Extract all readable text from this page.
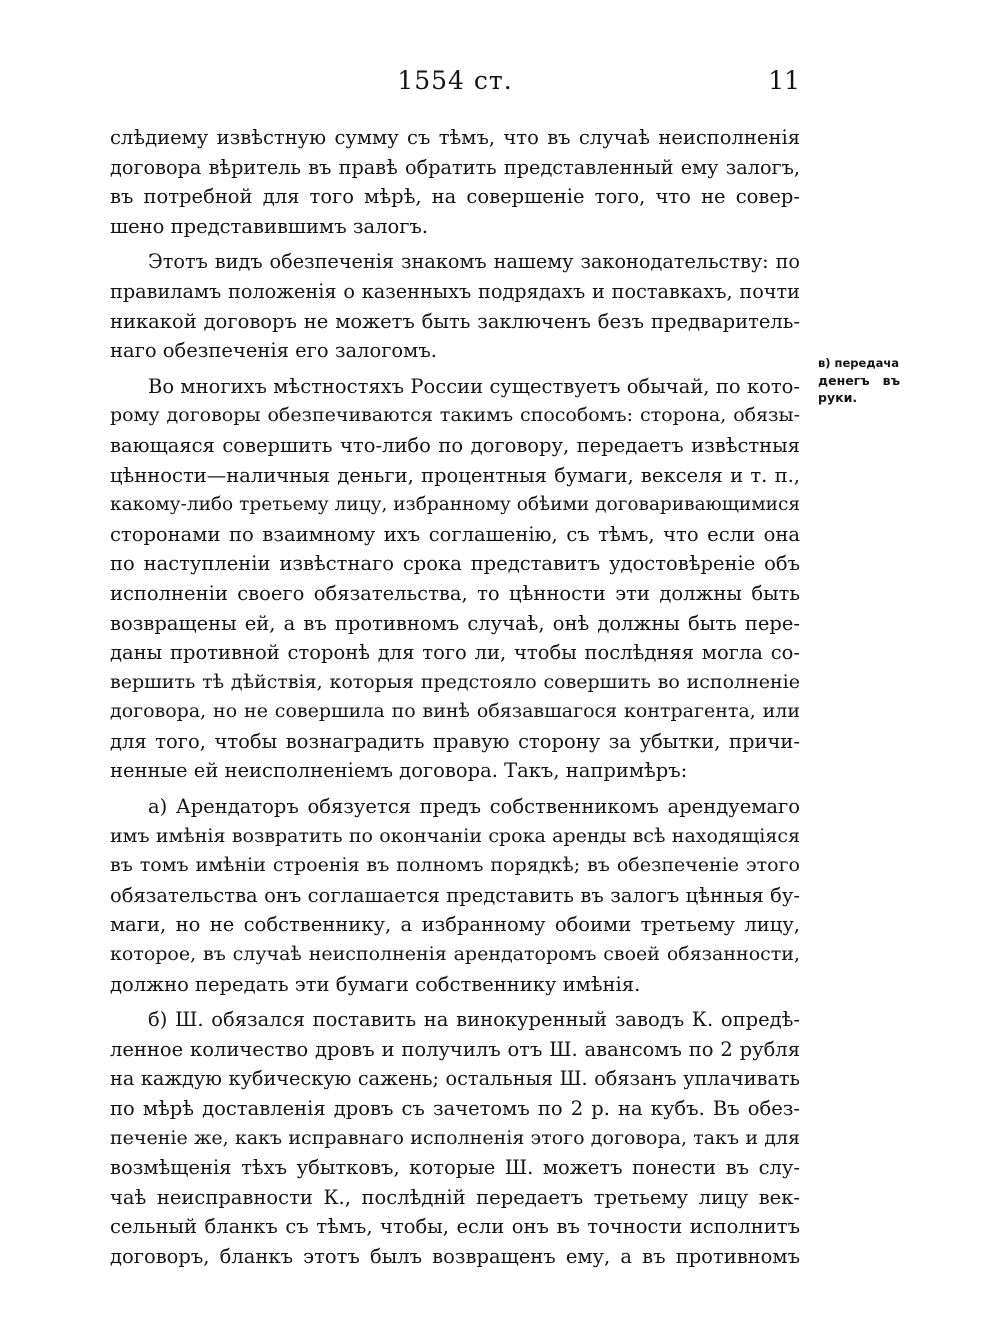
1554 ст.	11
слѣдиему извѣстную сумму съ тѣмъ, что въ случаѣ неисполненія
договора вѣритель въ правѣ обратить представленный ему залогъ,
въ потребной для того мѣрѣ, на совершеніе того, что не совер-
шено представившимъ залогъ.
Этотъ видъ обезпеченія знакомъ нашему законодательству: по
правиламъ положенія о казенныхъ подрядахъ и поставкахъ, почти
никакой договоръ не можетъ быть заключенъ безъ предваритель-
наго обезпеченія его залогомъ.
Во многихъ мѣстностяхъ России существуетъ обычай, по кото-
рому договоры обезпечиваются такимъ способомъ: сторона, обязы-
вающаяся совершить что-либо по договору, передаетъ извѣстныя
цѣнности—наличныя деньги, процентныя бумаги, векселя и т. п.,
какому-либо третьему лицу, избранному обѣими договаривающимися
сторонами по взаимному ихъ соглашенію, съ тѣмъ, что если она
по наступленіи извѣстнаго срока представитъ удостовѣреніе объ
исполненіи своего обязательства, то цѣнности эти должны быть
возвращены ей, а въ противномъ случаѣ, онѣ должны быть пере-
даны противной сторонѣ для того ли, чтобы послѣдняя могла со-
вершить тѣ дѣйствія, которыя предстояло совершить во исполненіе
договора, но не совершила по винѣ обязавшагося контрагента, или
для того, чтобы вознаградить правую сторону за убытки, причи-
ненные ей неисполненіемъ договора. Такъ, напримѣръ:
а) Арендаторъ обязуется предъ собственникомъ арендуемаго
имъ имѣнія возвратить по окончаніи срока аренды всѣ находящіяся
въ томъ имѣніи строенія въ полномъ порядкѣ; въ обезпеченіе этого
обязательства онъ соглашается представить въ залогъ цѣнныя бу-
маги, но не собственнику, а избранному обоими третьему лицу,
которое, въ случаѣ неисполненія арендаторомъ своей обязанности,
должно передать эти бумаги собственнику имѣнія.
б) Ш. обязался поставить на винокуренный заводъ К. опредѣ-
ленное количество дровъ и получилъ отъ Ш. авансомъ по 2 рубля
на каждую кубическую сажень; остальныя Ш. обязанъ уплачивать
по мѣрѣ доставленія дровъ съ зачетомъ по 2 р. на кубъ. Въ обез-
печеніе же, какъ исправнаго исполненія этого договора, такъ и для
возмѣщенія тѣхъ убытковъ, которые Ш. можетъ понести въ слу-
чаѣ неисправности К., послѣдній передаетъ третьему лицу век-
сельный бланкъ съ тѣмъ, чтобы, если онъ въ точности исполнитъ
договоръ, бланкъ этотъ былъ возвращенъ ему, а въ противномъ
в) передача
денегъ въ
руки.
